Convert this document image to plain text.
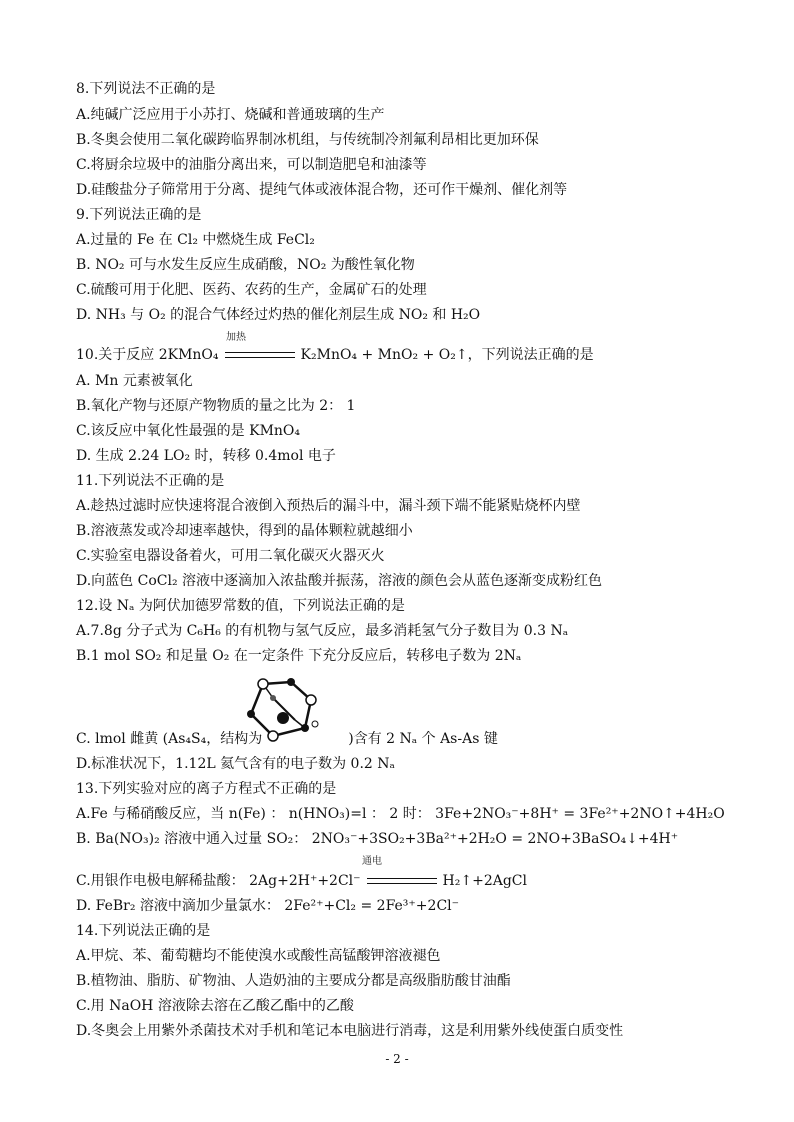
8.下列说法不正确的是
A.纯碱广泛应用于小苏打、烧碱和普通玻璃的生产
B.冬奥会使用二氧化碳跨临界制冰机组，与传统制冷剂氟利昂相比更加环保
C.将厨余垃圾中的油脂分离出来，可以制造肥皂和油漆等
D.硅酸盐分子筛常用于分离、提纯气体或液体混合物，还可作干燥剂、催化剂等
9.下列说法正确的是
A.过量的 Fe 在 Cl₂ 中燃烧生成 FeCl₂
B. NO₂ 可与水发生反应生成硝酸，NO₂ 为酸性氧化物
C.硫酸可用于化肥、医药、农药的生产，金属矿石的处理
D. NH₃ 与 O₂ 的混合气体经过灼热的催化剂层生成 NO₂ 和 H₂O
加热
10.关于反应 2KMnO₄	K₂MnO₄ + MnO₂ + O₂↑，下列说法正确的是
A. Mn 元素被氧化
B.氧化产物与还原产物物质的量之比为 2： 1
C.该反应中氧化性最强的是 KMnO₄
D. 生成 2.24 LO₂ 时，转移 0.4mol 电子
11.下列说法不正确的是
A.趁热过滤时应快速将混合液倒入预热后的漏斗中，漏斗颈下端不能紧贴烧杯内壁
B.溶液蒸发或冷却速率越快，得到的晶体颗粒就越细小
C.实验室电器设备着火，可用二氧化碳灭火器灭火
D.向蓝色 CoCl₂ 溶液中逐滴加入浓盐酸并振荡，溶液的颜色会从蓝色逐渐变成粉红色
12.设 Nₐ 为阿伏加德罗常数的值，下列说法正确的是
A.7.8g 分子式为 C₆H₆ 的有机物与氢气反应，最多消耗氢气分子数目为 0.3 Nₐ
B.1 mol SO₂ 和足量 O₂ 在一定条件 下充分反应后，转移电子数为 2Nₐ
C. lmol 雌黄 (As₄S₄，结构为	)含有 2 Nₐ 个 As-As 键
D.标准状况下，1.12L 氦气含有的电子数为 0.2 Nₐ
13.下列实验对应的离子方程式不正确的是
A.Fe 与稀硝酸反应，当 n(Fe) ： n(HNO₃)=l ： 2 时： 3Fe+2NO₃⁻+8H⁺ = 3Fe²⁺+2NO↑+4H₂O
B. Ba(NO₃)₂ 溶液中通入过量 SO₂： 2NO₃⁻+3SO₂+3Ba²⁺+2H₂O = 2NO+3BaSO₄↓+4H⁺
通电
C.用银作电极电解稀盐酸： 2Ag+2H⁺+2Cl⁻	H₂↑+2AgCl
D. FeBr₂ 溶液中滴加少量氯水： 2Fe²⁺+Cl₂ = 2Fe³⁺+2Cl⁻
14.下列说法正确的是
A.甲烷、苯、葡萄糖均不能使溴水或酸性高锰酸钾溶液褪色
B.植物油、脂肪、矿物油、人造奶油的主要成分都是高级脂肪酸甘油酯
C.用 NaOH 溶液除去溶在乙酸乙酯中的乙酸
D.冬奥会上用紫外杀菌技术对手机和笔记本电脑进行消毒，这是利用紫外线使蛋白质变性
- 2 -
